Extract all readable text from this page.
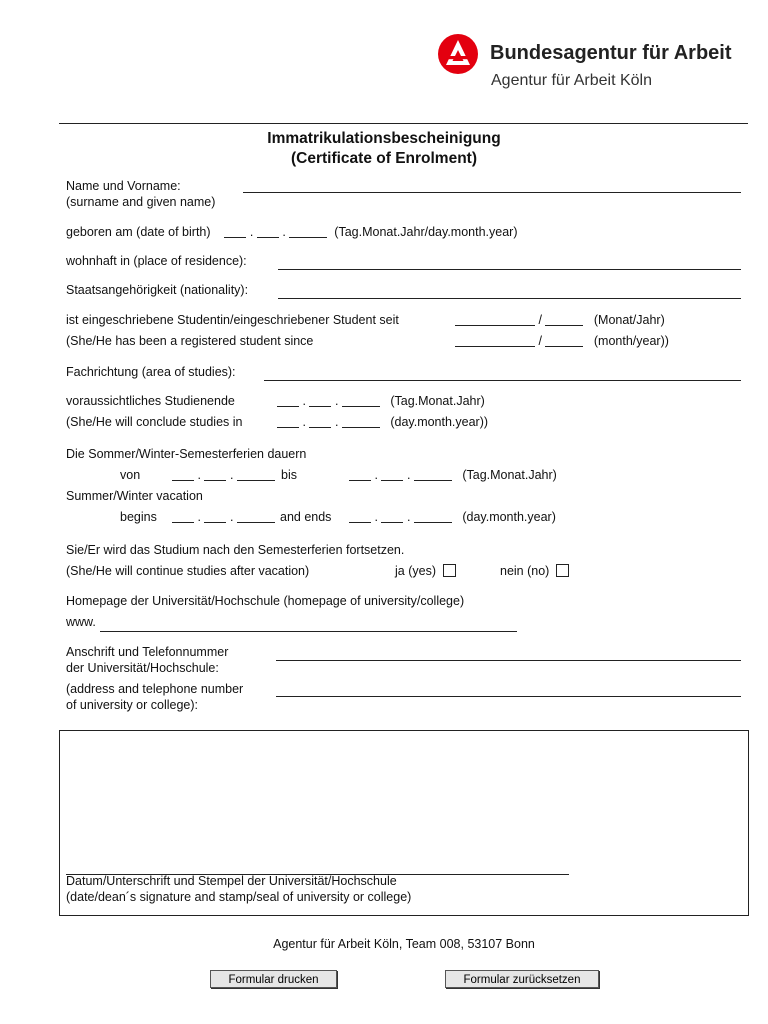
Bundesagentur für Arbeit
Agentur für Arbeit Köln
Immatrikulationsbescheinigung
(Certificate of Enrolment)
Name und Vorname:
(surname and given name)
geboren am (date of birth)	. .	(Tag.Monat.Jahr/day.month.year)
wohnhaft in (place of residence):
Staatsangehörigkeit (nationality):
ist eingeschriebene Studentin/eingeschriebener Student seit	/	(Monat/Jahr)
(She/He has been a registered student since	/	(month/year))
Fachrichtung (area of studies):
voraussichtliches Studienende	. .	(Tag.Monat.Jahr)
(She/He will conclude studies in	. .	(day.month.year))
Die Sommer/Winter-Semesterferien dauern
von	. .	bis	. .	(Tag.Monat.Jahr)
Summer/Winter vacation
begins	. .	and ends	. .	(day.month.year)
Sie/Er wird das Studium nach den Semesterferien fortsetzen.
(She/He will continue studies after vacation)	ja (yes)	nein (no)
Homepage der Universität/Hochschule (homepage of university/college)
www.
Anschrift und Telefonnummer
der Universität/Hochschule:
(address and telephone number
of university or college):
Datum/Unterschrift und Stempel der Universität/Hochschule
(date/dean´s signature and stamp/seal of university or college)
Agentur für Arbeit Köln, Team 008, 53107 Bonn
Formular drucken	Formular zurücksetzen
